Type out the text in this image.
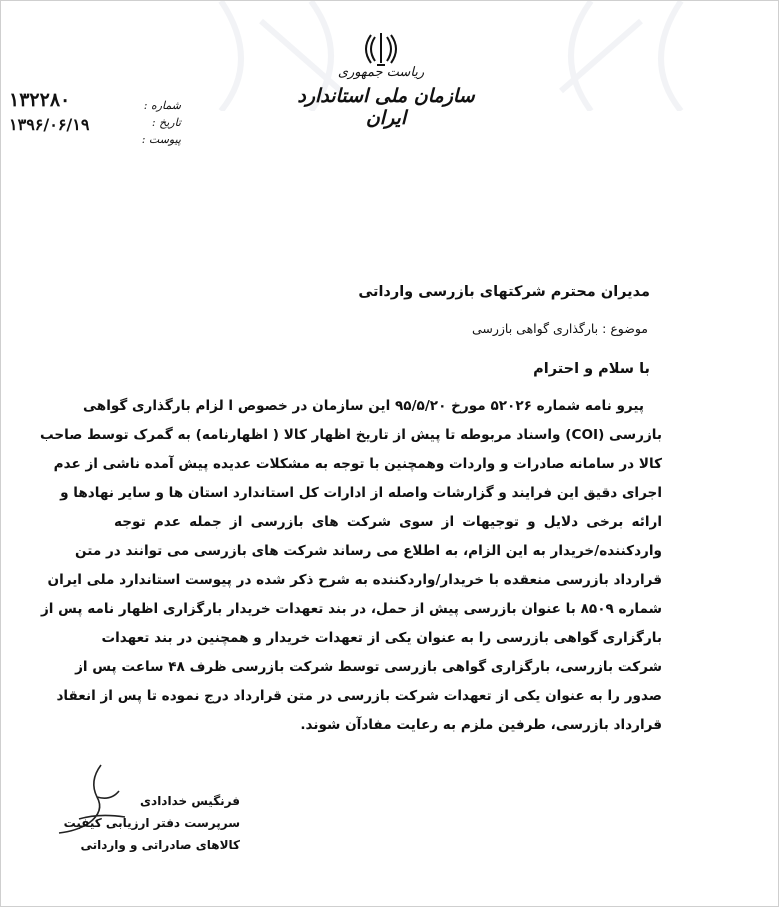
ریاست جمهوری
سازمان ملی استاندارد ایران
شماره :
تاریخ :
پیوست :
۱۳۲۲۸۰
۱۳۹۶/۰۶/۱۹
مدیران محترم شرکتهای بازرسی وارداتی
موضوع : بارگذاری گواهی بازرسی
با سلام و احترام
پیرو نامه شماره ۵۲۰۲۶ مورخ ۹۵/۵/۲۰ این سازمان در خصوص ا لزام بارگذاری گواهی
بازرسی (COI) واسناد مربوطه تا پیش از تاریخ اظهار کالا ( اظهارنامه) به گمرک توسط صاحب
کالا در سامانه صادرات و واردات وهمچنین با توجه به مشکلات عدیده پیش آمده ناشی از عدم
اجرای دقیق این فرایند و گزارشات واصله از ادارات کل استاندارد استان ها و سایر نهادها و
ارائه برخی دلایل و توجیهات از سوی شرکت های بازرسی از جمله عدم توجه
واردکننده/خریدار به این الزام، به اطلاع می رساند شرکت های بازرسی می توانند در متن
قرارداد بازرسی منعقده با خریدار/واردکننده به شرح ذکر شده در پیوست استاندارد ملی ایران
شماره ۸۵۰۹ با عنوان بازرسی پیش از حمل، در بند تعهدات خریدار بارگزاری اظهار نامه پس از
بارگزاری گواهی بازرسی را به عنوان یکی از تعهدات خریدار و همچنین در بند تعهدات
شرکت بازرسی، بارگزاری گواهی بازرسی توسط شرکت بازرسی ظرف ۴۸ ساعت پس از
صدور را به عنوان یکی از تعهدات شرکت بازرسی در متن قرارداد درج نموده تا پس از انعقاد
قرارداد بازرسی، طرفین ملزم به رعایت مفادآن شوند.
فرنگیس خداداد‌ی
سرپرست دفتر ارزیابی کیفیت
کالاهای صادراتی و وارداتی
